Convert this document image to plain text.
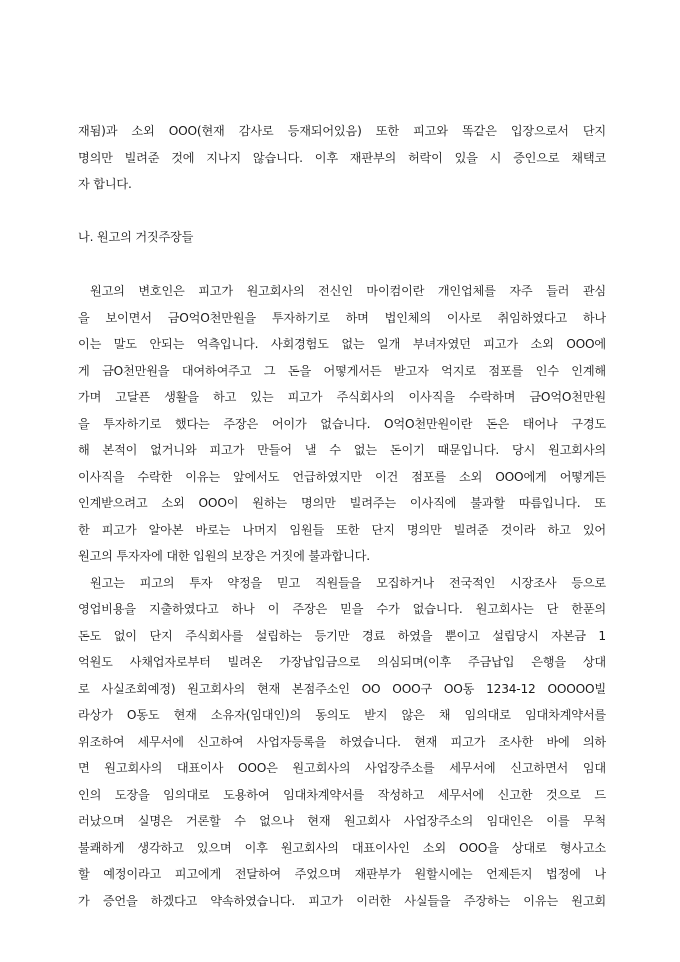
재됨)과 소외 OOO(현재 감사로 등재되어있음) 또한 피고와 똑같은 입장으로서 단지
명의만 빌려준 것에 지나지 않습니다. 이후 재판부의 허락이 있을 시 증인으로 채택코
자 합니다.
나. 원고의 거짓주장들
원고의 변호인은 피고가 원고회사의 전신인 마이컴이란 개인업체를 자주 들러 관심
을 보이면서 금O억O천만원을 투자하기로 하며 법인체의 이사로 취임하였다고 하나
이는 말도 안되는 억측입니다. 사회경험도 없는 일개 부녀자였던 피고가 소외 OOO에
게 금O천만원을 대여하여주고 그 돈을 어떻게서든 받고자 억지로 점포를 인수 인계해
가며 고달픈 생활을 하고 있는 피고가 주식회사의 이사직을 수락하며 금O억O천만원
을 투자하기로 했다는 주장은 어이가 없습니다. O억O천만원이란 돈은 태어나 구경도
해 본적이 없거니와 피고가 만들어 낼 수 없는 돈이기 때문입니다. 당시 원고회사의
이사직을 수락한 이유는 앞에서도 언급하였지만 이건 점포를 소외 OOO에게 어떻게든
인계받으려고 소외 OOO이 원하는 명의만 빌려주는 이사직에 불과할 따름입니다. 또
한 피고가 알아본 바로는 나머지 임원들 또한 단지 명의만 빌려준 것이라 하고 있어
원고의 투자자에 대한 입원의 보장은 거짓에 불과합니다.
원고는 피고의 투자 약정을 믿고 직원들을 모집하거나 전국적인 시장조사 등으로
영업비용을 지출하였다고 하나 이 주장은 믿을 수가 없습니다. 원고회사는 단 한푼의
돈도 없이 단지 주식회사를 설립하는 등기만 경료 하였을 뿐이고 설립당시 자본금 1
억원도 사채업자로부터 빌려온 가장납입금으로 의심되며(이후 주금납입 은행을 상대
로 사실조회예정) 원고회사의 현재 본점주소인 OO OOO구 OO동 1234-12 OOOOO빌
라상가 O동도 현재 소유자(임대인)의 동의도 받지 않은 채 임의대로 임대차계약서를
위조하여 세무서에 신고하여 사업자등록을 하였습니다. 현재 피고가 조사한 바에 의하
면 원고회사의 대표이사 OOO은 원고회사의 사업장주소를 세무서에 신고하면서 임대
인의 도장을 임의대로 도용하여 임대차계약서를 작성하고 세무서에 신고한 것으로 드
러났으며 실명은 거론할 수 없으나 현재 원고회사 사업장주소의 임대인은 이를 무척
불쾌하게 생각하고 있으며 이후 원고회사의 대표이사인 소외 OOO을 상대로 형사고소
할 예정이라고 피고에게 전달하여 주었으며 재판부가 원할시에는 언제든지 법정에 나
가 증언을 하겠다고 약속하였습니다. 피고가 이러한 사실들을 주장하는 이유는 원고회
